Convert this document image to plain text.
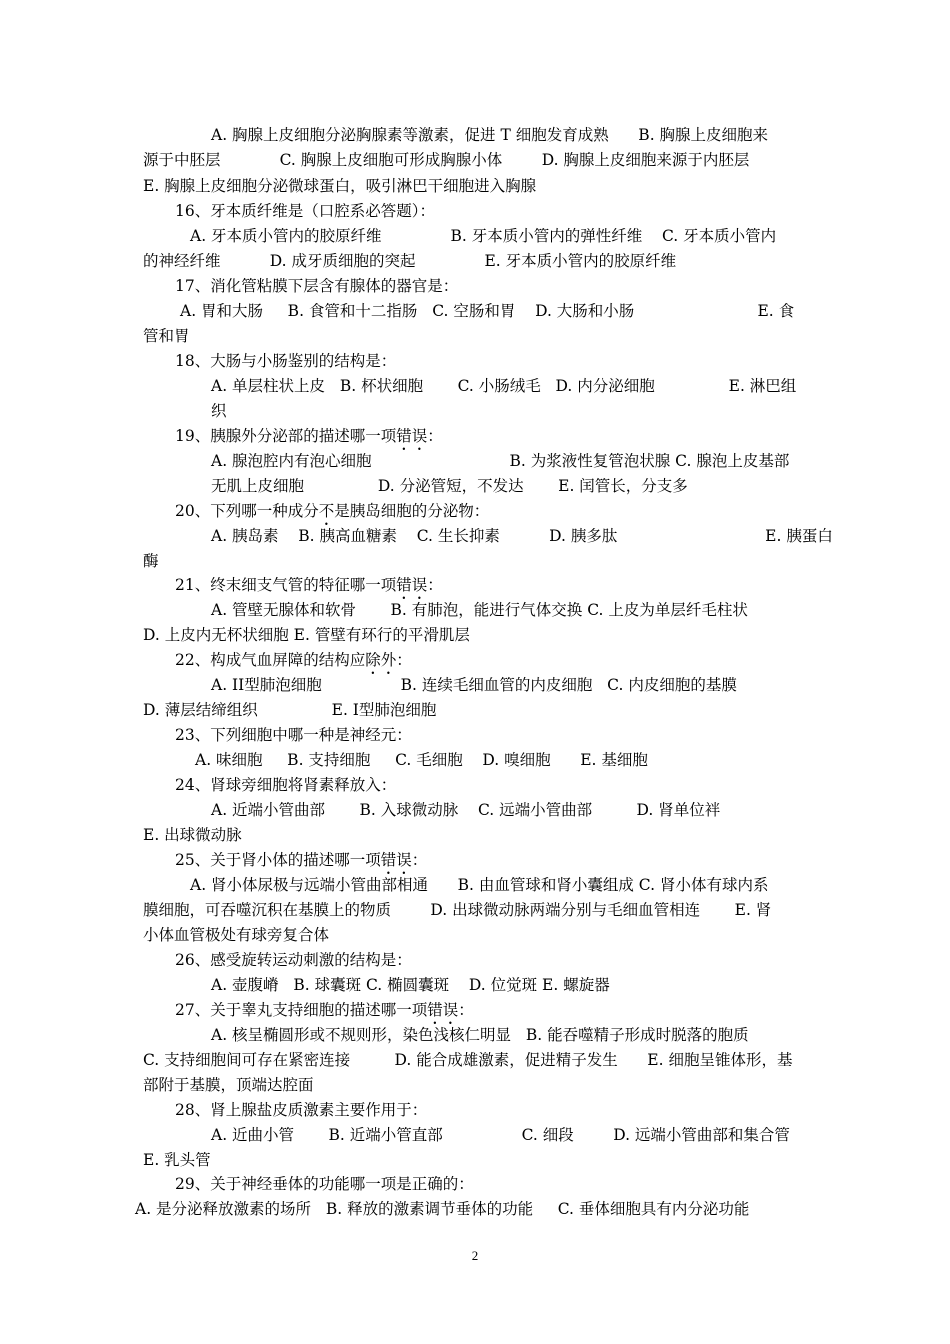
A. 胸腺上皮细胞分泌胸腺素等激素，促进 T 细胞发育成熟      B. 胸腺上皮细胞来
源于中胚层            C. 胸腺上皮细胞可形成胸腺小体        D. 胸腺上皮细胞来源于内胚层
E. 胸腺上皮细胞分泌微球蛋白，吸引淋巴干细胞进入胸腺
16、牙本质纤维是（口腔系必答题）：
A. 牙本质小管内的胶原纤维              B. 牙本质小管内的弹性纤维    C. 牙本质小管内
的神经纤维          D. 成牙质细胞的突起              E. 牙本质小管内的胶原纤维
17、消化管粘膜下层含有腺体的器官是：
A. 胃和大肠     B. 食管和十二指肠   C. 空肠和胃    D. 大肠和小肠                         E. 食
管和胃
18、大肠与小肠鉴别的结构是：
A. 单层柱状上皮   B. 杯状细胞       C. 小肠绒毛   D. 内分泌细胞               E. 淋巴组
织
19、胰腺外分泌部的描述哪一项错误：
A. 腺泡腔内有泡心细胞                            B. 为浆液性复管泡状腺 C. 腺泡上皮基部
无肌上皮细胞               D. 分泌管短，不发达       E. 闰管长，分支多
20、下列哪一种成分不是胰岛细胞的分泌物：
A. 胰岛素    B. 胰高血糖素    C. 生长抑素          D. 胰多肽                              E. 胰蛋白
酶
21、终末细支气管的特征哪一项错误：
A. 管壁无腺体和软骨       B. 有肺泡，能进行气体交换 C. 上皮为单层纤毛柱状
D. 上皮内无杯状细胞 E. 管壁有环行的平滑肌层
22、构成气血屏障的结构应除外：
A. II型肺泡细胞                B. 连续毛细血管的内皮细胞   C. 内皮细胞的基膜
D. 薄层结缔组织               E. I型肺泡细胞
23、下列细胞中哪一种是神经元：
A. 味细胞     B. 支持细胞     C. 毛细胞    D. 嗅细胞      E. 基细胞
24、肾球旁细胞将肾素释放入：
A. 近端小管曲部       B. 入球微动脉    C. 远端小管曲部         D. 肾单位袢
E. 出球微动脉
25、关于肾小体的描述哪一项错误：
A. 肾小体尿极与远端小管曲部相通      B. 由血管球和肾小囊组成 C. 肾小体有球内系
膜细胞，可吞噬沉积在基膜上的物质        D. 出球微动脉两端分别与毛细血管相连       E. 肾
小体血管极处有球旁复合体
26、感受旋转运动刺激的结构是：
A. 壶腹嵴   B. 球囊斑 C. 椭圆囊斑    D. 位觉斑 E. 螺旋器
27、关于睾丸支持细胞的描述哪一项错误：
A. 核呈椭圆形或不规则形，染色浅核仁明显   B. 能吞噬精子形成时脱落的胞质
C. 支持细胞间可存在紧密连接         D. 能合成雄激素，促进精子发生      E. 细胞呈锥体形，基
部附于基膜，顶端达腔面
28、肾上腺盐皮质激素主要作用于：
A. 近曲小管       B. 近端小管直部                C. 细段        D. 远端小管曲部和集合管
E. 乳头管
29、关于神经垂体的功能哪一项是正确的：
A. 是分泌释放激素的场所   B. 释放的激素调节垂体的功能     C. 垂体细胞具有内分泌功能
2
